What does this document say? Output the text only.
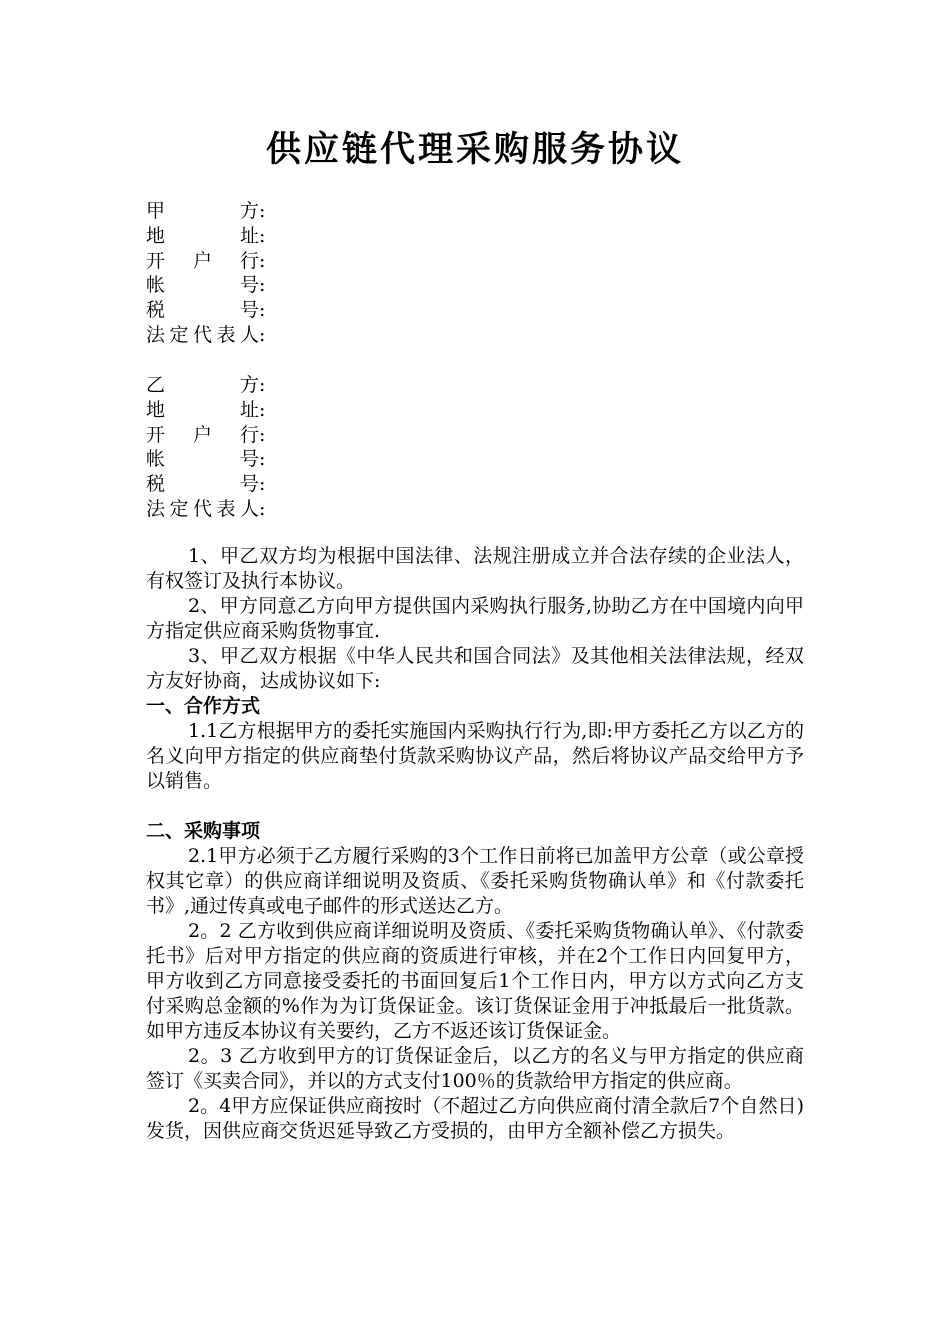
供应链代理采购服务协议
甲方:
地址:
开户行:
帐号:
税号:
法定代表人:
乙方:
地址:
开户行:
帐号:
税号:
法定代表人:

1、甲乙双方均为根据中国法律、法规注册成立并合法存续的企业法人，有权签订及执行本协议。

2、甲方同意乙方向甲方提供国内采购执行服务,协助乙方在中国境内向甲方指定供应商采购货物事宜.

3、甲乙双方根据《中华人民共和国合同法》及其他相关法律法规，经双方友好协商，达成协议如下:

一、合作方式

1.1乙方根据甲方的委托实施国内采购执行行为,即:甲方委托乙方以乙方的名义向甲方指定的供应商垫付货款采购协议产品，然后将协议产品交给甲方予以销售。

二、采购事项

2.1甲方必须于乙方履行采购的3个工作日前将已加盖甲方公章（或公章授权其它章）的供应商详细说明及资质、《委托采购货物确认单》和《付款委托书》,通过传真或电子邮件的形式送达乙方。

2。2 乙方收到供应商详细说明及资质、《委托采购货物确认单》、《付款委托书》后对甲方指定的供应商的资质进行审核，并在2个工作日内回复甲方，甲方收到乙方同意接受委托的书面回复后1个工作日内，甲方以方式向乙方支付采购总金额的%作为为订货保证金。该订货保证金用于冲抵最后一批货款。如甲方违反本协议有关要约，乙方不返还该订货保证金。

2。3 乙方收到甲方的订货保证金后，以乙方的名义与甲方指定的供应商签订《买卖合同》，并以的方式支付100％的货款给甲方指定的供应商。

2。4甲方应保证供应商按时（不超过乙方向供应商付清全款后7个自然日)发货，因供应商交货迟延导致乙方受损的，由甲方全额补偿乙方损失。
